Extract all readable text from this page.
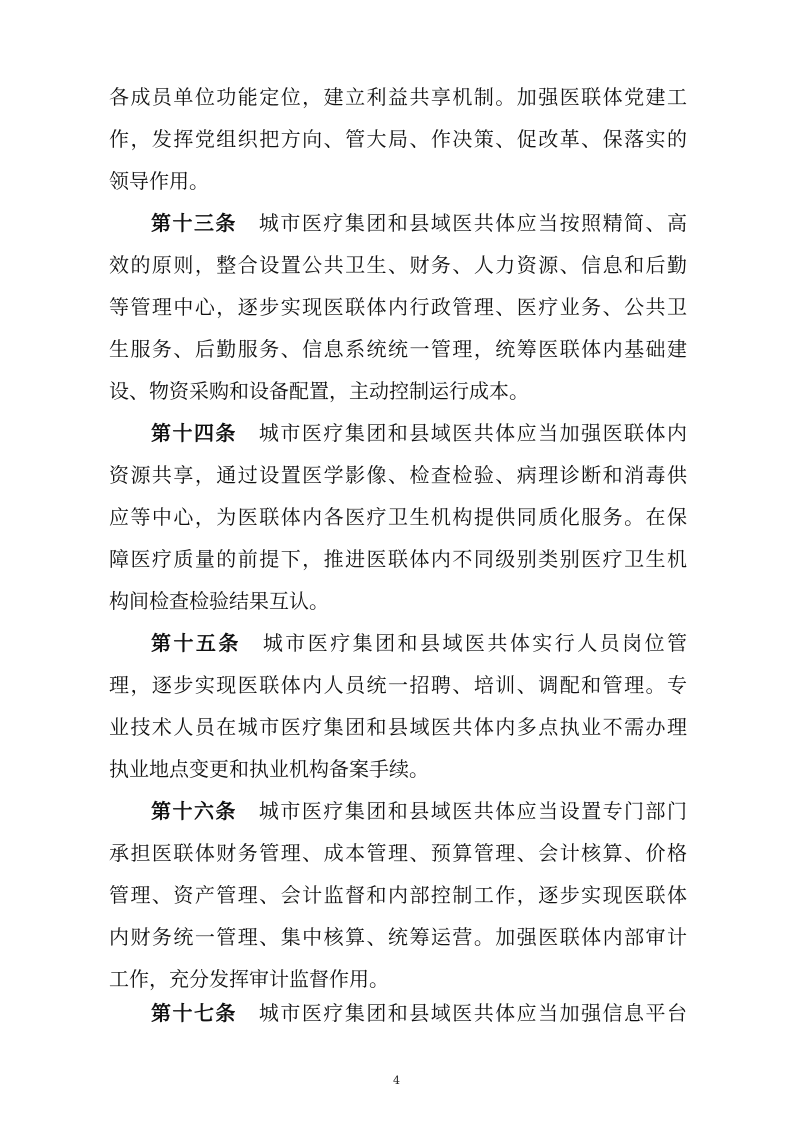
各成员单位功能定位，建立利益共享机制。加强医联体党建工
作，发挥党组织把方向、管大局、作决策、促改革、保落实的
领导作用。
第十三条 城市医疗集团和县域医共体应当按照精简、高
效的原则，整合设置公共卫生、财务、人力资源、信息和后勤
等管理中心，逐步实现医联体内行政管理、医疗业务、公共卫
生服务、后勤服务、信息系统统一管理，统筹医联体内基础建
设、物资采购和设备配置，主动控制运行成本。
第十四条 城市医疗集团和县域医共体应当加强医联体内
资源共享，通过设置医学影像、检查检验、病理诊断和消毒供
应等中心，为医联体内各医疗卫生机构提供同质化服务。在保
障医疗质量的前提下，推进医联体内不同级别类别医疗卫生机
构间检查检验结果互认。
第十五条 城市医疗集团和县域医共体实行人员岗位管
理，逐步实现医联体内人员统一招聘、培训、调配和管理。专
业技术人员在城市医疗集团和县域医共体内多点执业不需办理
执业地点变更和执业机构备案手续。
第十六条 城市医疗集团和县域医共体应当设置专门部门
承担医联体财务管理、成本管理、预算管理、会计核算、价格
管理、资产管理、会计监督和内部控制工作，逐步实现医联体
内财务统一管理、集中核算、统筹运营。加强医联体内部审计
工作，充分发挥审计监督作用。
第十七条 城市医疗集团和县域医共体应当加强信息平台
4
